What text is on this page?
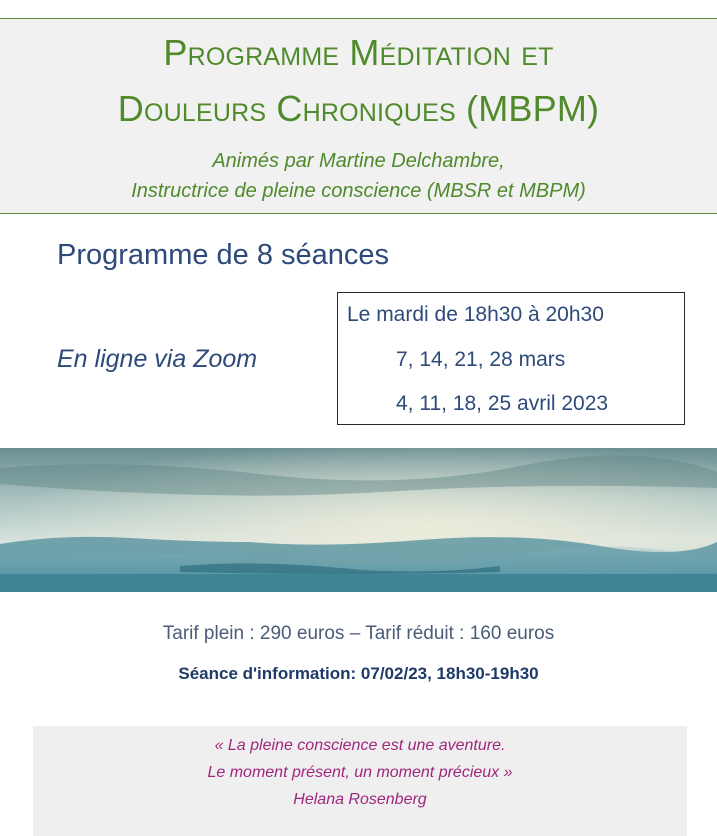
Programme Méditation et
Douleurs Chroniques (MBPM)
Animés par Martine Delchambre,
Instructrice de pleine conscience (MBSR et MBPM)
Programme de 8 séances
En ligne via Zoom
Le mardi de 18h30 à 20h30
7, 14, 21, 28 mars
4, 11, 18, 25 avril 2023
Tarif plein : 290 euros – Tarif réduit : 160 euros
Séance d'information: 07/02/23, 18h30-19h30
« La pleine conscience est une aventure.
Le moment présent, un moment précieux »
Helana Rosenberg
